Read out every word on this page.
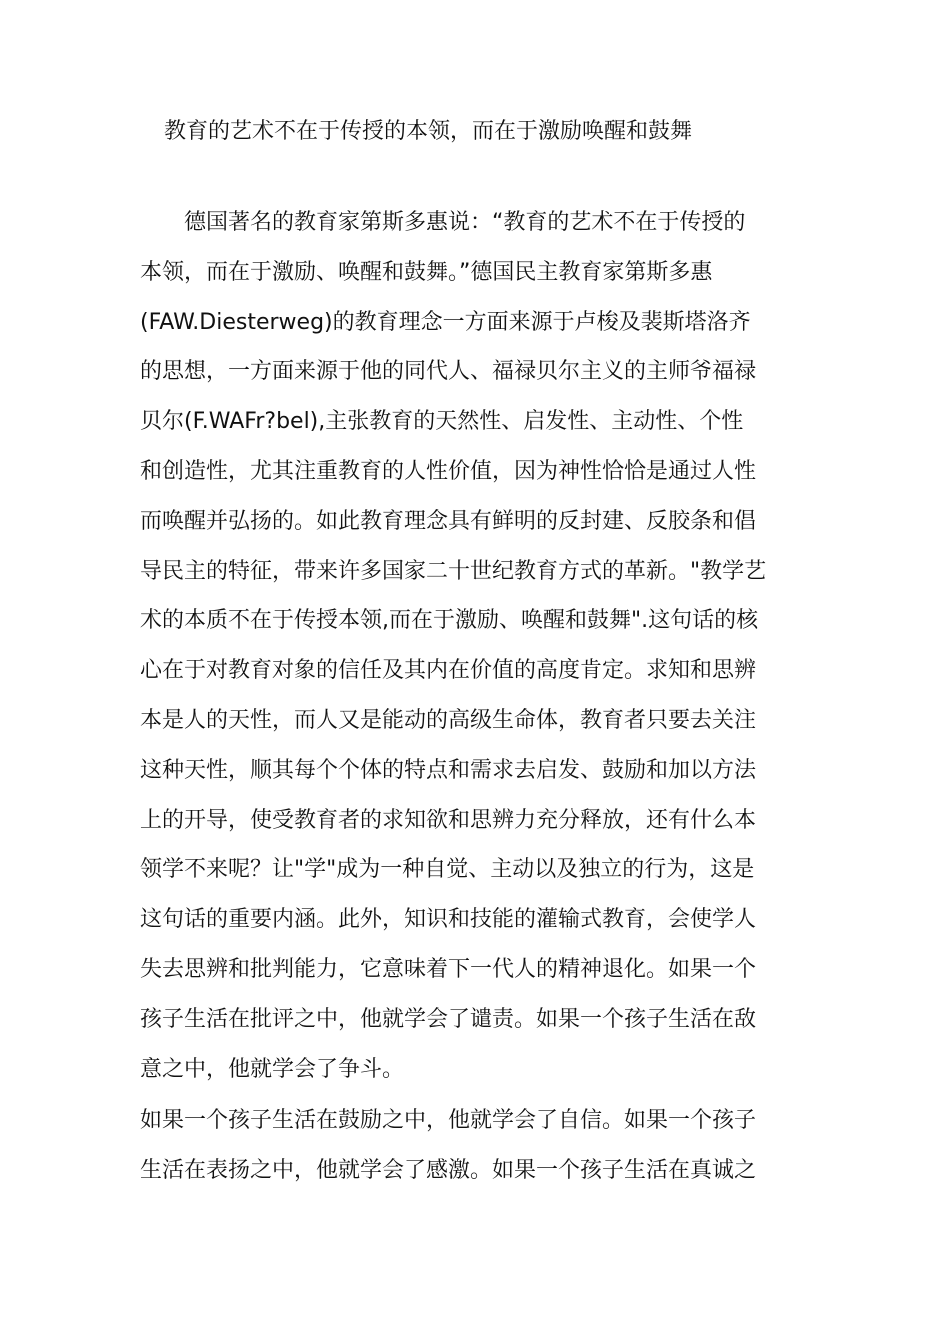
教育的艺术不在于传授的本领，而在于激励唤醒和鼓舞
德国著名的教育家第斯多惠说：“教育的艺术不在于传授的
本领，而在于激励、唤醒和鼓舞。”德国民主教育家第斯多惠
(FAW.Diesterweg)的教育理念一方面来源于卢梭及裴斯塔洛齐
的思想，一方面来源于他的同代人、福禄贝尔主义的主师爷福禄
贝尔(F.WAFr?bel),主张教育的天然性、启发性、主动性、个性
和创造性，尤其注重教育的人性价值，因为神性恰恰是通过人性
而唤醒并弘扬的。如此教育理念具有鲜明的反封建、反胶条和倡
导民主的特征，带来许多国家二十世纪教育方式的革新。"教学艺
术的本质不在于传授本领,而在于激励、唤醒和鼓舞".这句话的核
心在于对教育对象的信任及其内在价值的高度肯定。求知和思辨
本是人的天性，而人又是能动的高级生命体，教育者只要去关注
这种天性，顺其每个个体的特点和需求去启发、鼓励和加以方法
上的开导，使受教育者的求知欲和思辨力充分释放，还有什么本
领学不来呢？让"学"成为一种自觉、主动以及独立的行为，这是
这句话的重要内涵。此外，知识和技能的灌输式教育，会使学人
失去思辨和批判能力，它意味着下一代人的精神退化。如果一个
孩子生活在批评之中，他就学会了谴责。如果一个孩子生活在敌
意之中，他就学会了争斗。
如果一个孩子生活在鼓励之中，他就学会了自信。如果一个孩子
生活在表扬之中，他就学会了感激。如果一个孩子生活在真诚之
